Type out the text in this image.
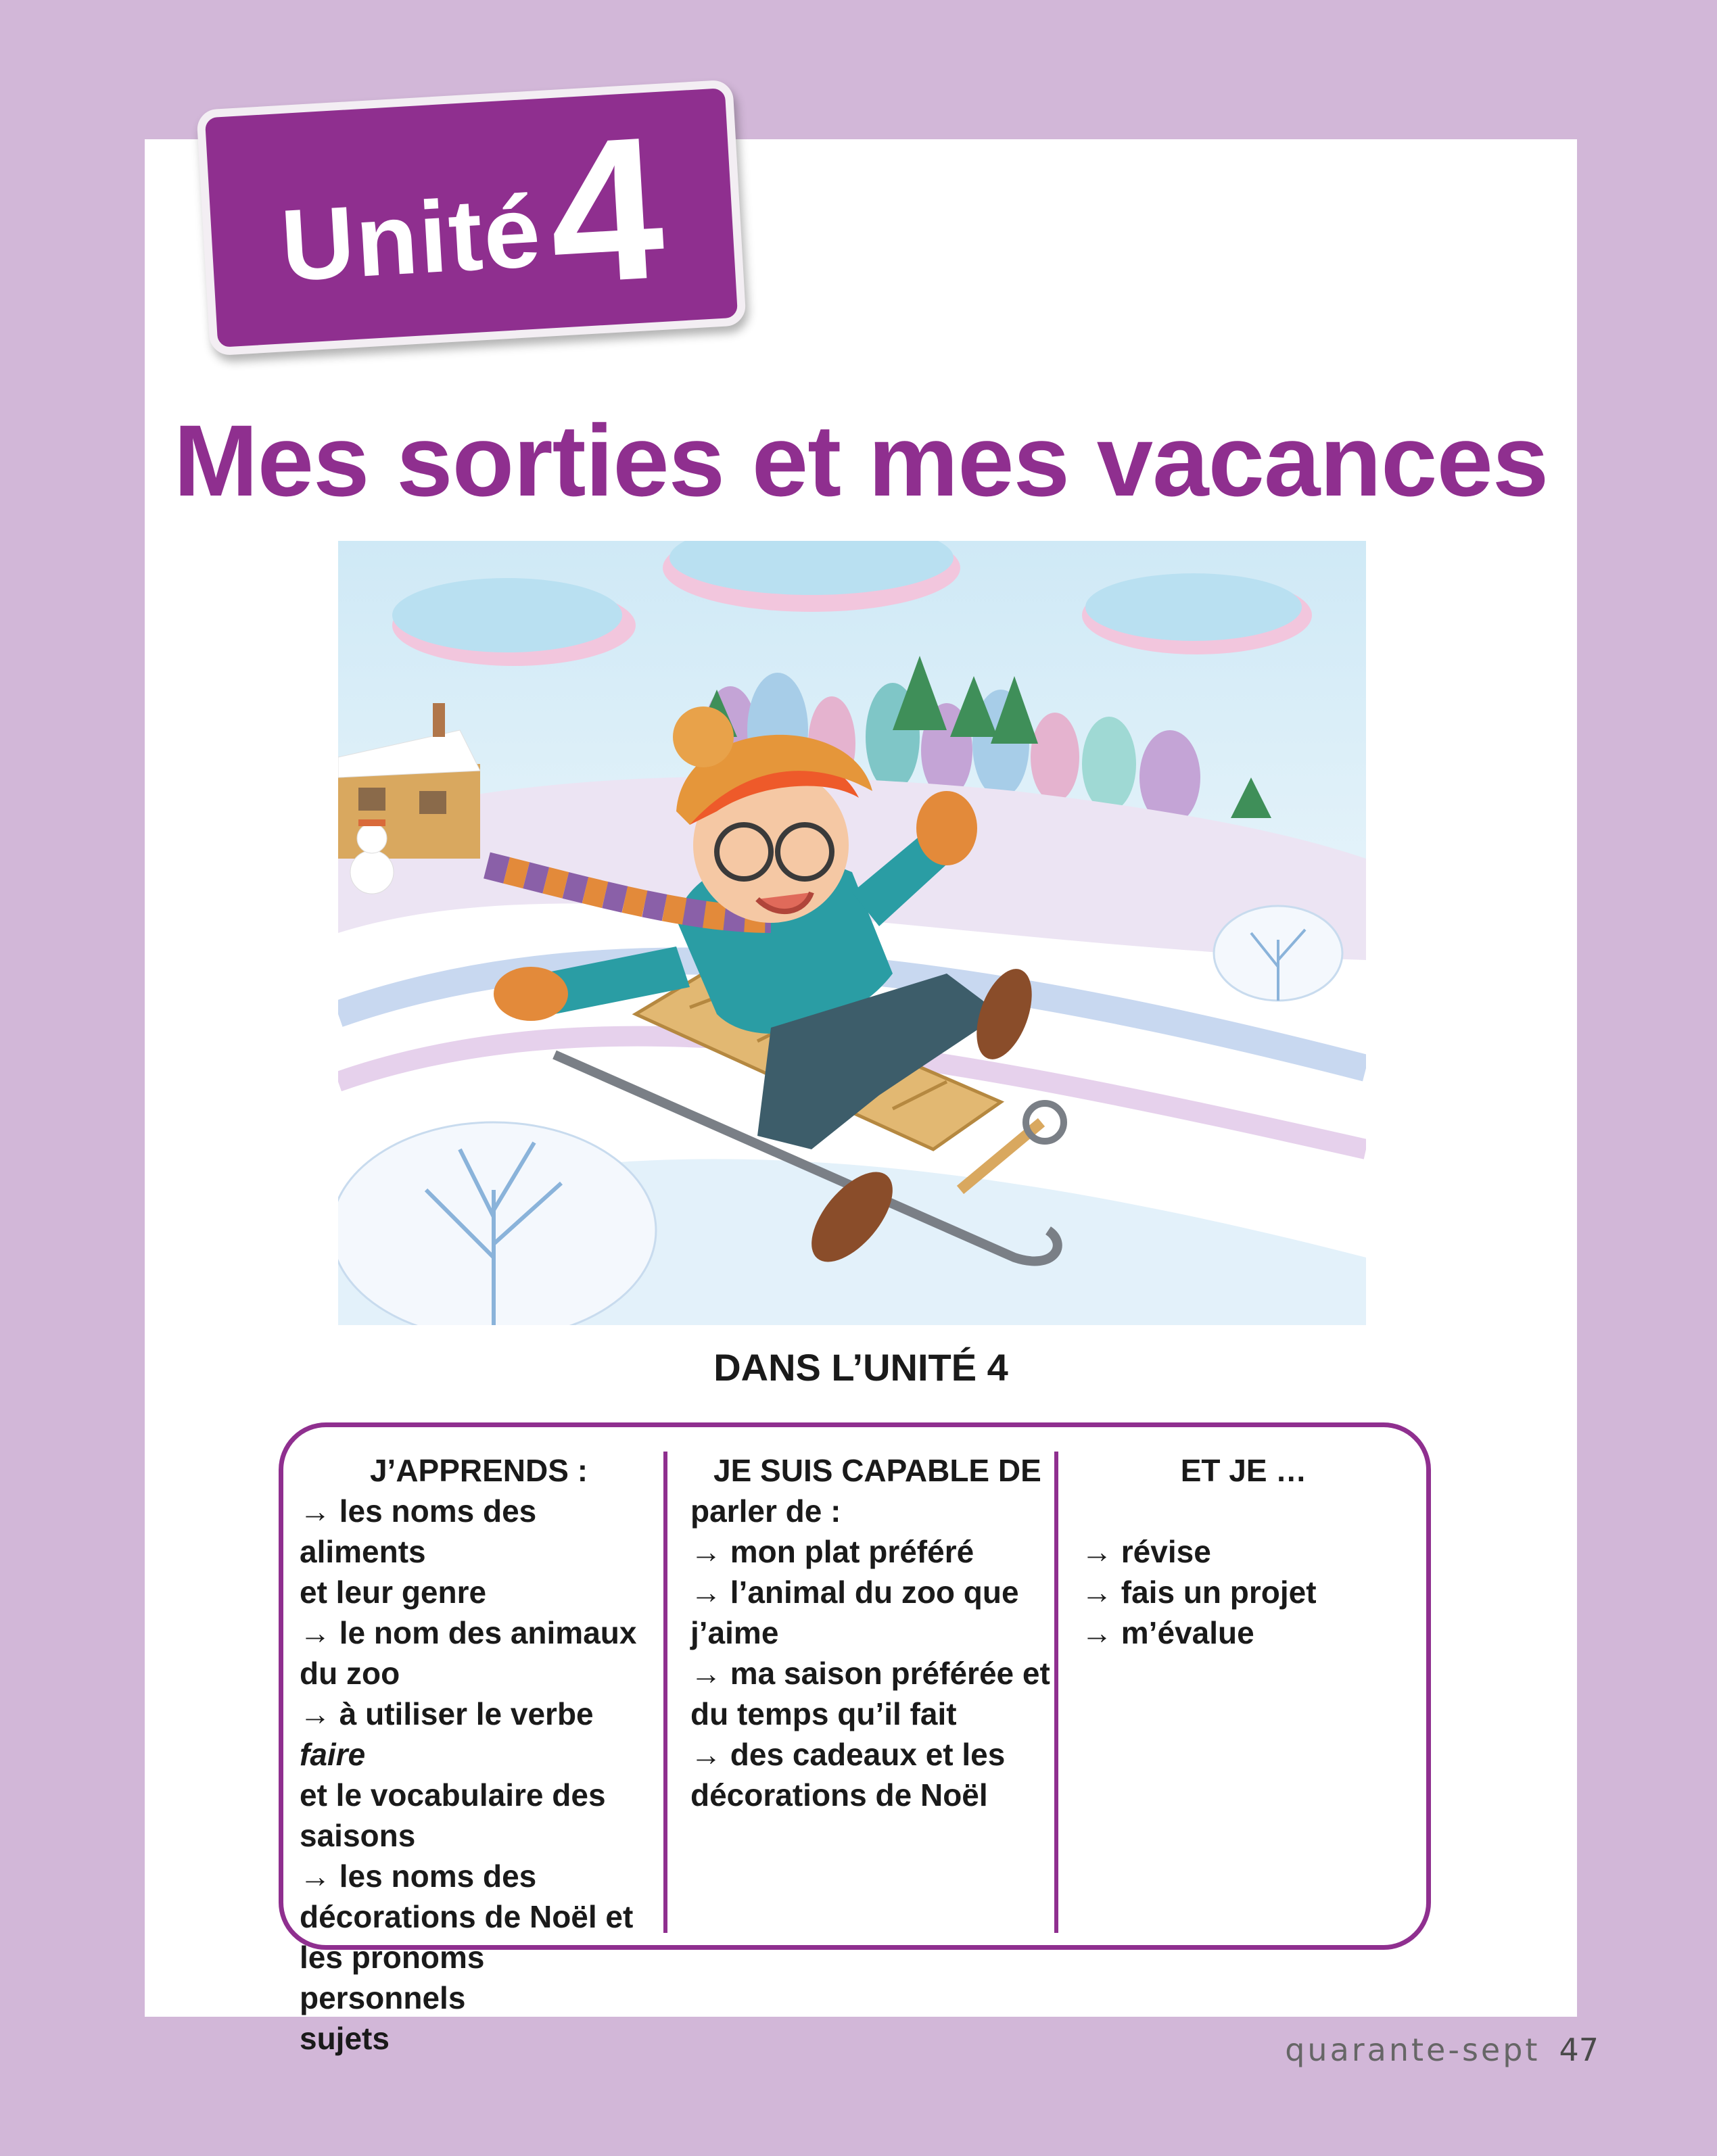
Unité
4
Mes sorties et mes vacances
DANS L’UNITÉ 4
J’APPRENDS :
→ les noms des aliments
et leur genre
→ le nom des animaux
du zoo
→ à utiliser le verbe faire
et le vocabulaire des
saisons
→ les noms des
décorations de Noël et
les pronoms personnels
sujets
JE SUIS CAPABLE DE
parler de :
→ mon plat préféré
→ l’animal du zoo que
j’aime
→ ma saison préférée et
du temps qu’il fait
→ des cadeaux et les
décorations de Noël
ET JE …
→ révise
→ fais un projet
→ m’évalue
quarante-sept 47
